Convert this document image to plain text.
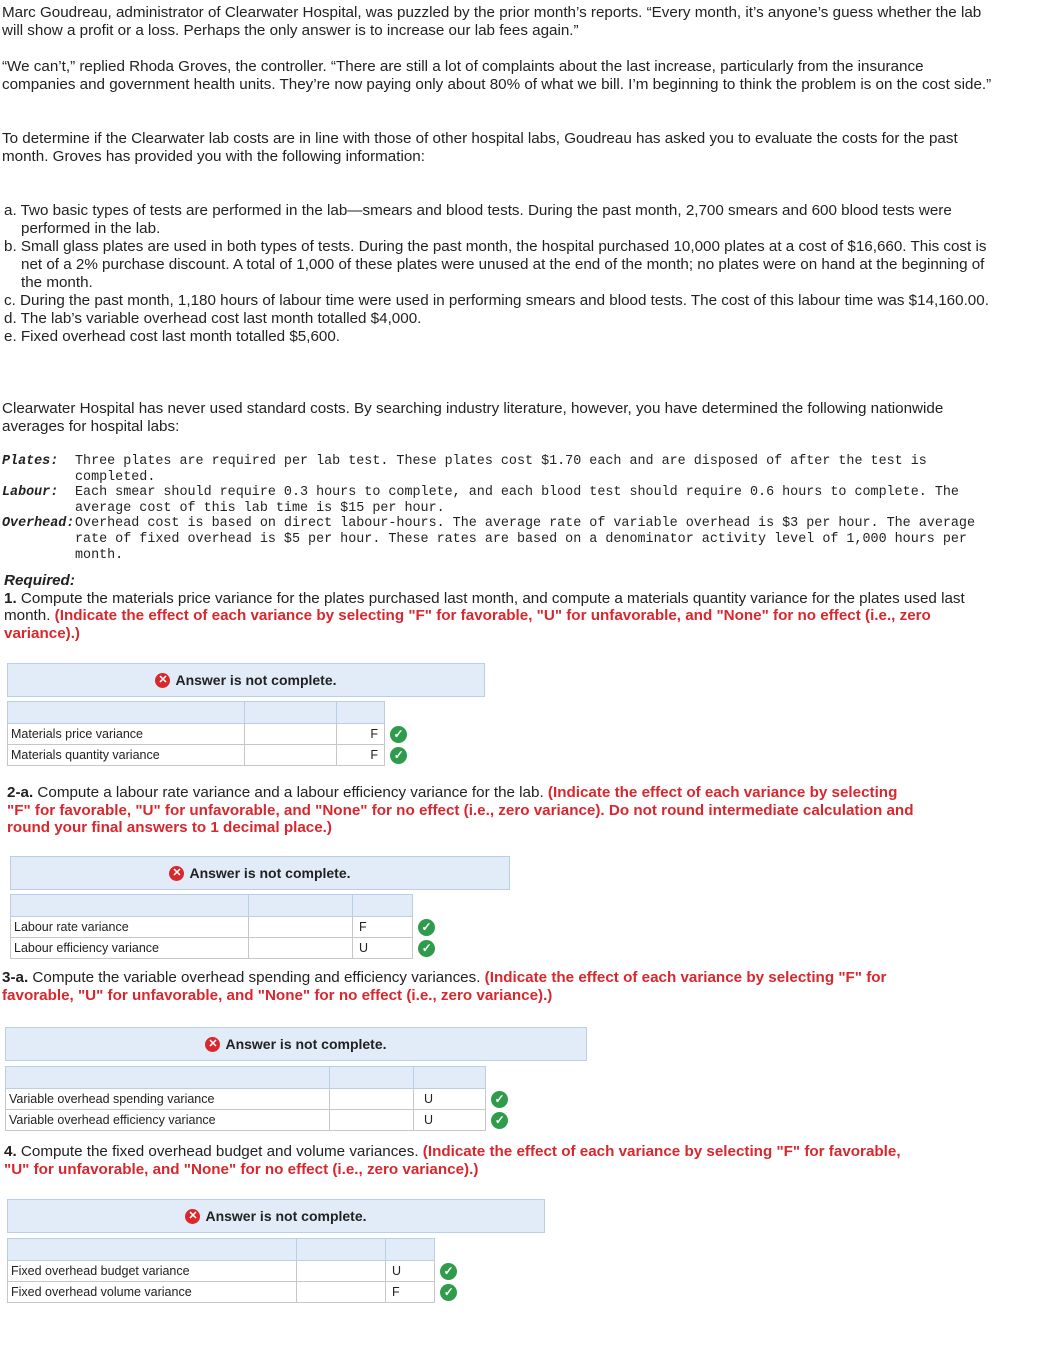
Marc Goudreau, administrator of Clearwater Hospital, was puzzled by the prior month’s reports. “Every month, it’s anyone’s guess whether the lab will show a profit or a loss. Perhaps the only answer is to increase our lab fees again.”

“We can’t,” replied Rhoda Groves, the controller. “There are still a lot of complaints about the last increase, particularly from the insurance companies and government health units. They’re now paying only about 80% of what we bill. I’m beginning to think the problem is on the cost side.”

To determine if the Clearwater lab costs are in line with those of other hospital labs, Goudreau has asked you to evaluate the costs for the past month. Groves has provided you with the following information:

a. Two basic types of tests are performed in the lab—smears and blood tests. During the past month, 2,700 smears and 600 blood tests were performed in the lab.
b. Small glass plates are used in both types of tests. During the past month, the hospital purchased 10,000 plates at a cost of $16,660. This cost is net of a 2% purchase discount. A total of 1,000 of these plates were unused at the end of the month; no plates were on hand at the beginning of the month.
c. During the past month, 1,180 hours of labour time were used in performing smears and blood tests. The cost of this labour time was $14,160.00.
d. The lab’s variable overhead cost last month totalled $4,000.
e. Fixed overhead cost last month totalled $5,600.

Clearwater Hospital has never used standard costs. By searching industry literature, however, you have determined the following nationwide averages for hospital labs:

Plates:	Three plates are required per lab test. These plates cost $1.70 each and are disposed of after the test is completed.
Labour:	Each smear should require 0.3 hours to complete, and each blood test should require 0.6 hours to complete. The average cost of this lab time is $15 per hour.
Overhead: Overhead cost is based on direct labour-hours. The average rate of variable overhead is $3 per hour. The average rate of fixed overhead is $5 per hour. These rates are based on a denominator activity level of 1,000 hours per month.
Required:
1. Compute the materials price variance for the plates purchased last month, and compute a materials quantity variance for the plates used last month. (Indicate the effect of each variance by selecting "F" for favorable, "U" for unfavorable, and "None" for no effect (i.e., zero variance).)
✕ Answer is not complete.

Materials price variance		F	✓
Materials quantity variance		F	✓
2-a. Compute a labour rate variance and a labour efficiency variance for the lab. (Indicate the effect of each variance by selecting "F" for favorable, "U" for unfavorable, and "None" for no effect (i.e., zero variance). Do not round intermediate calculation and round your final answers to 1 decimal place.)
✕ Answer is not complete.

Labour rate variance		F	✓
Labour efficiency variance		U	✓
3-a. Compute the variable overhead spending and efficiency variances. (Indicate the effect of each variance by selecting "F" for favorable, "U" for unfavorable, and "None" for no effect (i.e., zero variance).)
✕ Answer is not complete.

Variable overhead spending variance		U	✓
Variable overhead efficiency variance		U	✓
4. Compute the fixed overhead budget and volume variances. (Indicate the effect of each variance by selecting "F" for favorable, "U" for unfavorable, and "None" for no effect (i.e., zero variance).)
✕ Answer is not complete.

Fixed overhead budget variance		U	✓
Fixed overhead volume variance		F	✓
